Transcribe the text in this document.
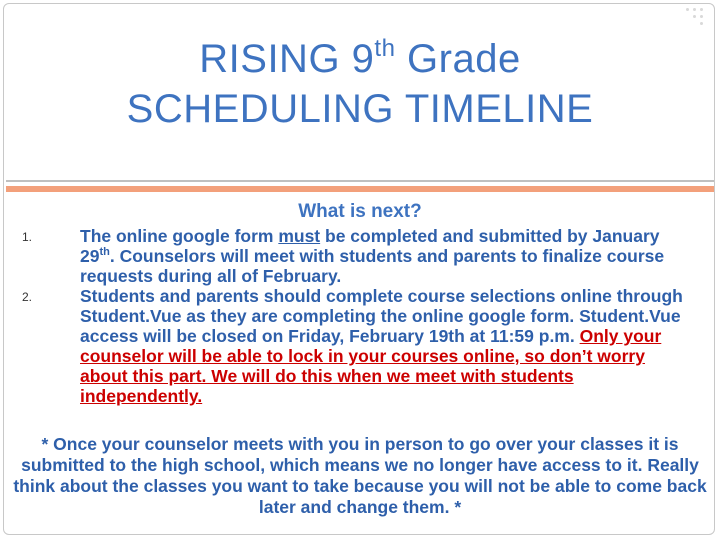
RISING 9th Grade
SCHEDULING TIMELINE
What is next?
1.	The online google form must be completed and submitted by January 29th. Counselors will meet with students and parents to finalize course requests during all of February.
2.	Students and parents should complete course selections online through Student.Vue as they are completing the online google form. Student.Vue access will be closed on Friday, February 19th at 11:59 p.m. Only your counselor will be able to lock in your courses online, so don’t worry about this part. We will do this when we meet with students independently.
* Once your counselor meets with you in person to go over your classes it is submitted to the high school, which means we no longer have access to it. Really think about the classes you want to take because you will not be able to come back later and change them. *
